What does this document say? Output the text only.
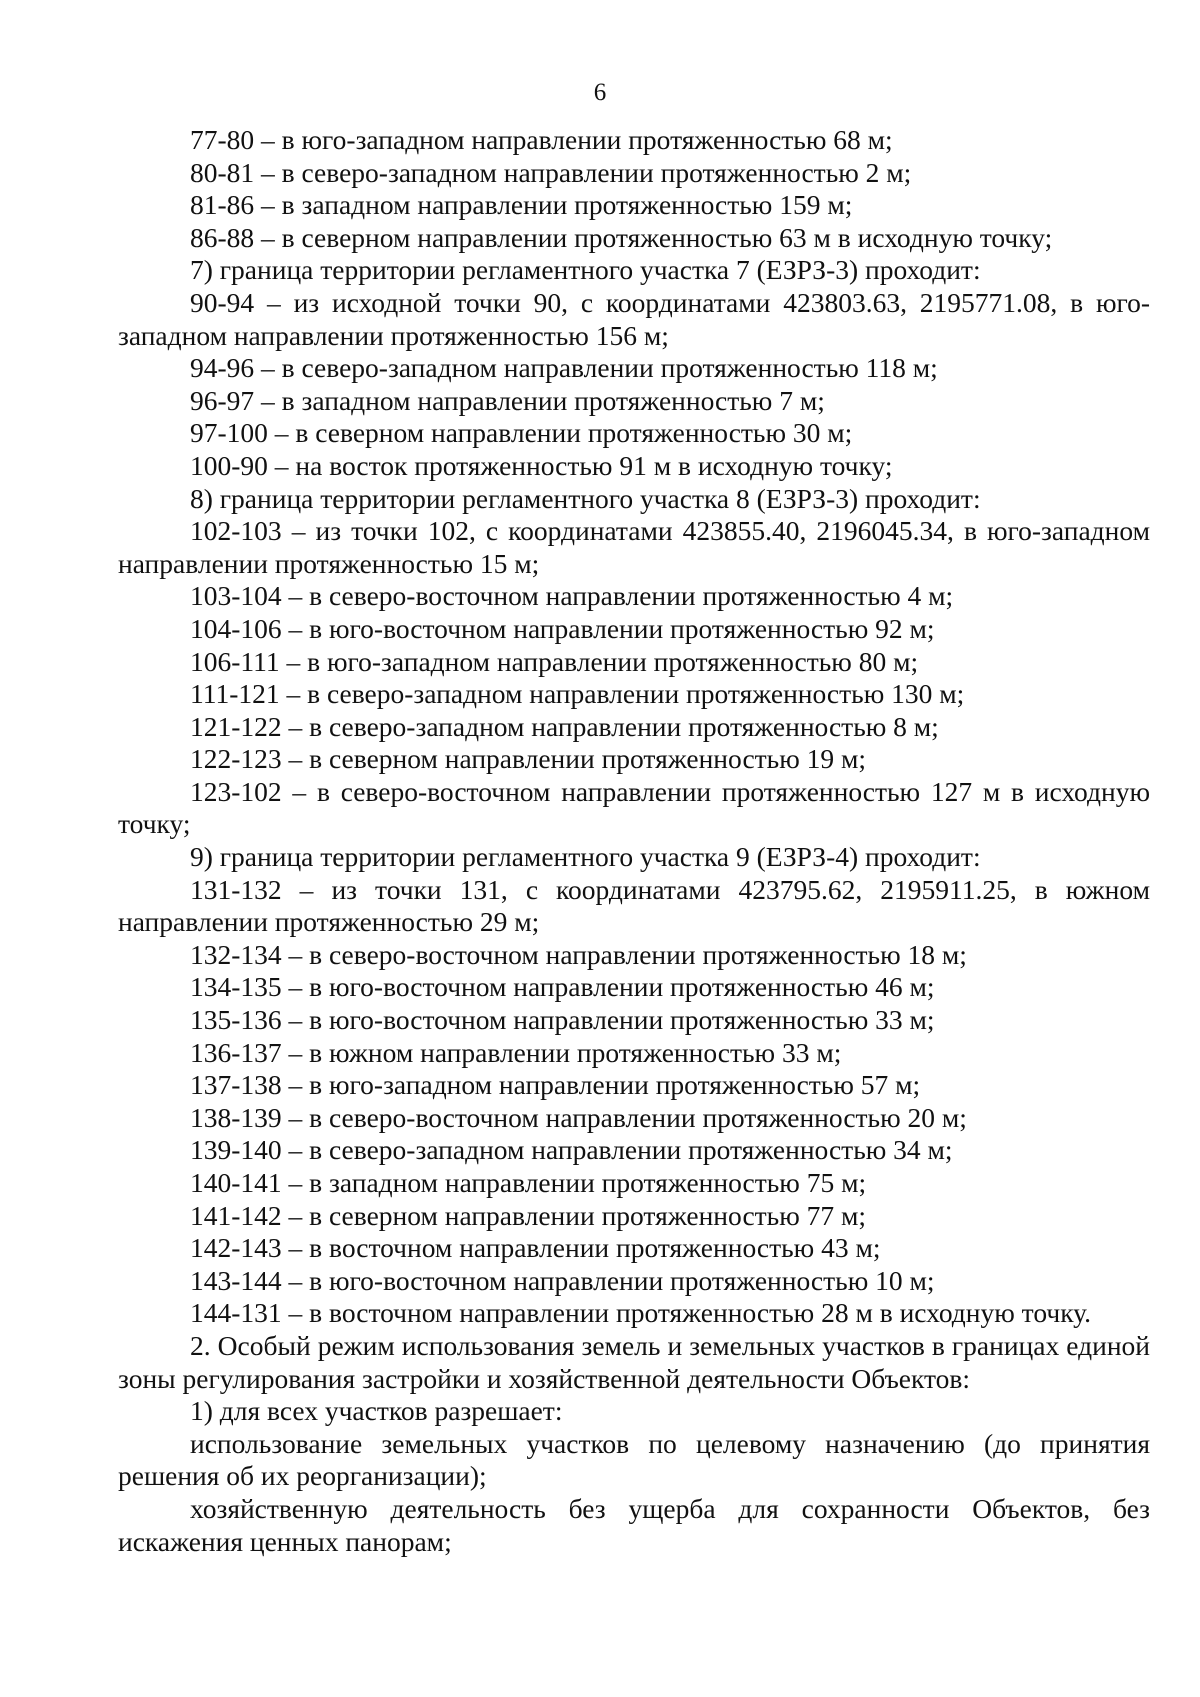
6

77-80 – в юго-западном направлении протяженностью 68 м;

80-81 – в северо-западном направлении протяженностью 2 м;

81-86 – в западном направлении протяженностью 159 м;

86-88 – в северном направлении протяженностью 63 м в исходную точку;

7) граница территории регламентного участка 7 (ЕЗРЗ-3) проходит:

90-94 – из исходной точки 90, с координатами 423803.63, 2195771.08, в юго-западном направлении протяженностью 156 м;

94-96 – в северо-западном направлении протяженностью 118 м;

96-97 – в западном направлении протяженностью 7 м;

97-100 – в северном направлении протяженностью 30 м;

100-90 – на восток протяженностью 91 м в исходную точку;

8) граница территории регламентного участка 8 (ЕЗРЗ-3) проходит:

102-103 – из точки 102, с координатами 423855.40, 2196045.34, в юго-западном направлении протяженностью 15 м;

103-104 – в северо-восточном направлении протяженностью 4 м;

104-106 – в юго-восточном направлении протяженностью 92 м;

106-111 – в юго-западном направлении протяженностью 80 м;

111-121 – в северо-западном направлении протяженностью 130 м;

121-122 – в северо-западном направлении протяженностью 8 м;

122-123 – в северном направлении протяженностью 19 м;

123-102 – в северо-восточном направлении протяженностью 127 м в исходную точку;

9) граница территории регламентного участка 9 (ЕЗРЗ-4) проходит:

131-132 – из точки 131, с координатами 423795.62, 2195911.25, в южном направлении протяженностью 29 м;

132-134 – в северо-восточном направлении протяженностью 18 м;

134-135 – в юго-восточном направлении протяженностью 46 м;

135-136 – в юго-восточном направлении протяженностью 33 м;

136-137 – в южном направлении протяженностью 33 м;

137-138 – в юго-западном направлении протяженностью 57 м;

138-139 – в северо-восточном направлении протяженностью 20 м;

139-140 – в северо-западном направлении протяженностью 34 м;

140-141 – в западном направлении протяженностью 75 м;

141-142 – в северном направлении протяженностью 77 м;

142-143 – в восточном направлении протяженностью 43 м;

143-144 – в юго-восточном направлении протяженностью 10 м;

144-131 – в восточном направлении протяженностью 28 м в исходную точку.

2. Особый режим использования земель и земельных участков в границах единой зоны регулирования застройки и хозяйственной деятельности Объектов:

1) для всех участков разрешает:

использование земельных участков по целевому назначению (до принятия решения об их реорганизации);

хозяйственную деятельность без ущерба для сохранности Объектов, без искажения ценных панорам;
